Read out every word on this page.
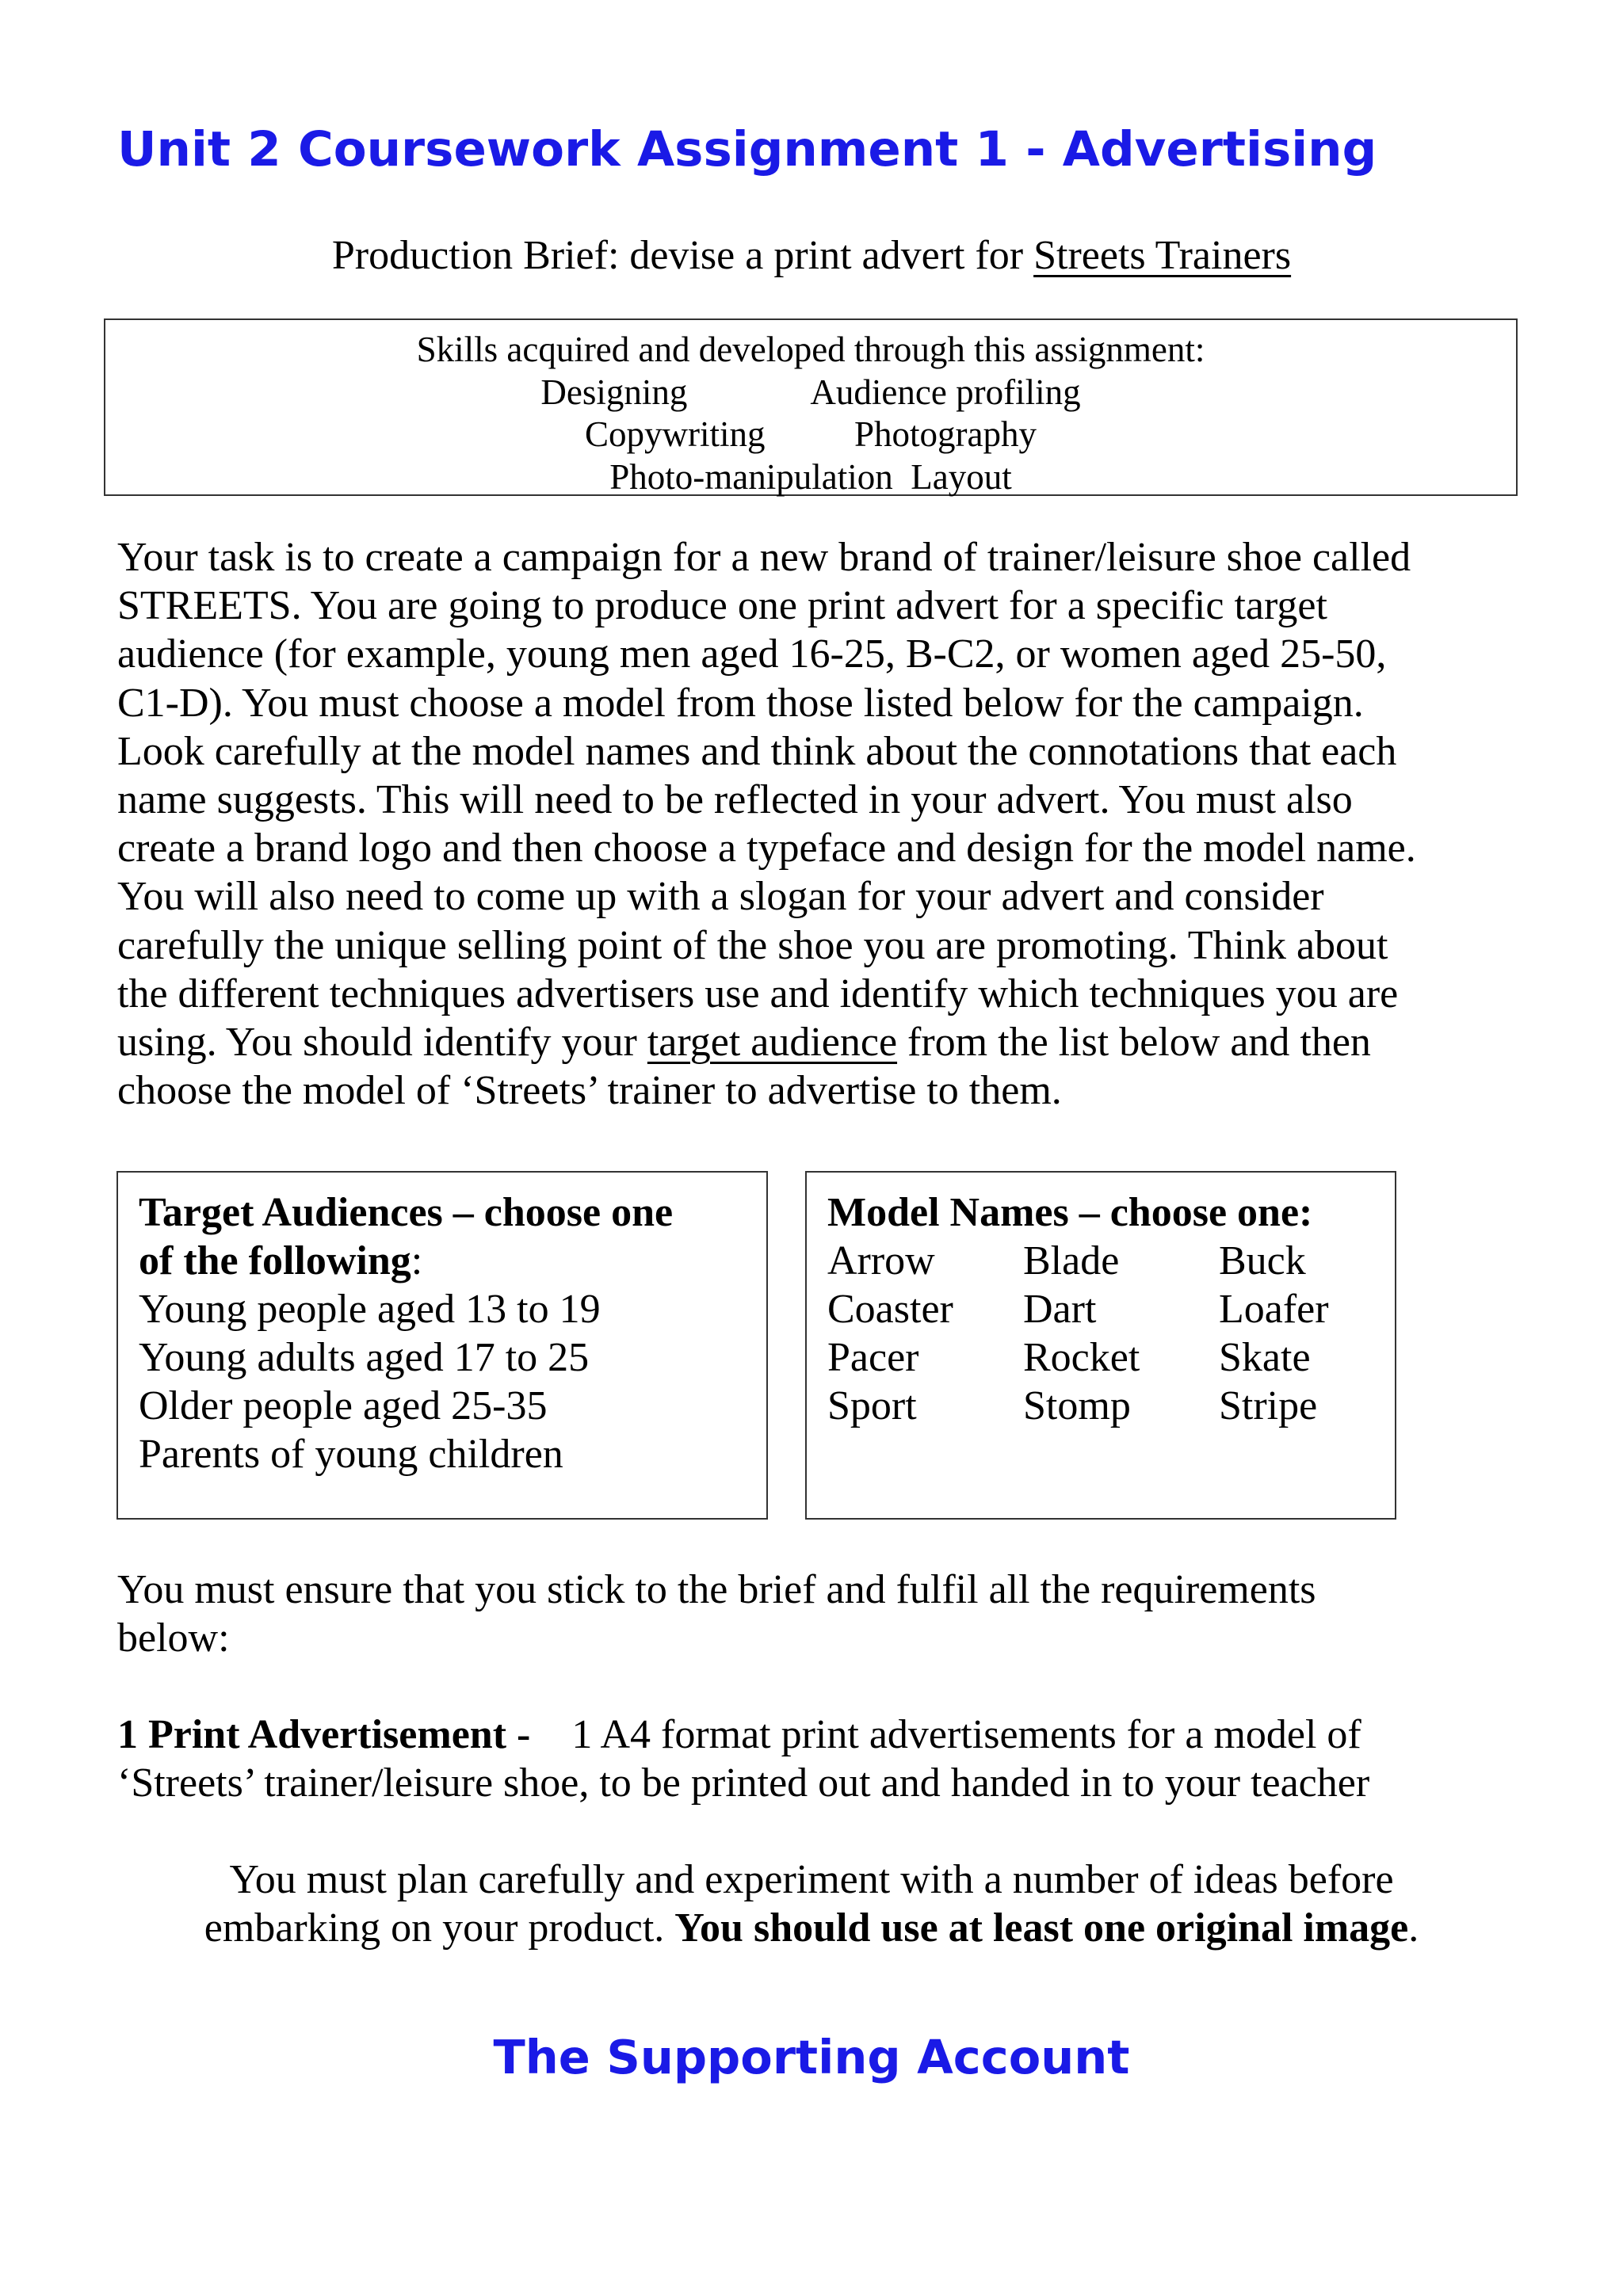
Unit 2 Coursework Assignment 1 - Advertising

Production Brief: devise a print advert for Streets Trainers

Skills acquired and developed through this assignment:
Designing              Audience profiling
Copywriting          Photography
Photo-manipulation  Layout
Your task is to create a campaign for a new brand of trainer/leisure shoe called
STREETS. You are going to produce one print advert for a specific target
audience (for example, young men aged 16-25, B-C2, or women aged 25-50,
C1-D). You must choose a model from those listed below for the campaign.
Look carefully at the model names and think about the connotations that each
name suggests. This will need to be reflected in your advert. You must also
create a brand logo and then choose a typeface and design for the model name.
You will also need to come up with a slogan for your advert and consider
carefully the unique selling point of the shoe you are promoting. Think about
the different techniques advertisers use and identify which techniques you are
using. You should identify your target audience from the list below and then
choose the model of ‘Streets’ trainer to advertise to them.
Target Audiences – choose one
of the following:
Young people aged 13 to 19
Young adults aged 17 to 25
Older people aged 25-35
Parents of young children
Model Names – choose one:
Arrow	Blade	Buck
Coaster	Dart	Loafer
Pacer	Rocket	Skate
Sport	Stomp	Stripe
You must ensure that you stick to the brief and fulfil all the requirements
below:
1 Print Advertisement -    1 A4 format print advertisements for a model of
‘Streets’ trainer/leisure shoe, to be printed out and handed in to your teacher
You must plan carefully and experiment with a number of ideas before
embarking on your product. You should use at least one original image.
The Supporting Account
